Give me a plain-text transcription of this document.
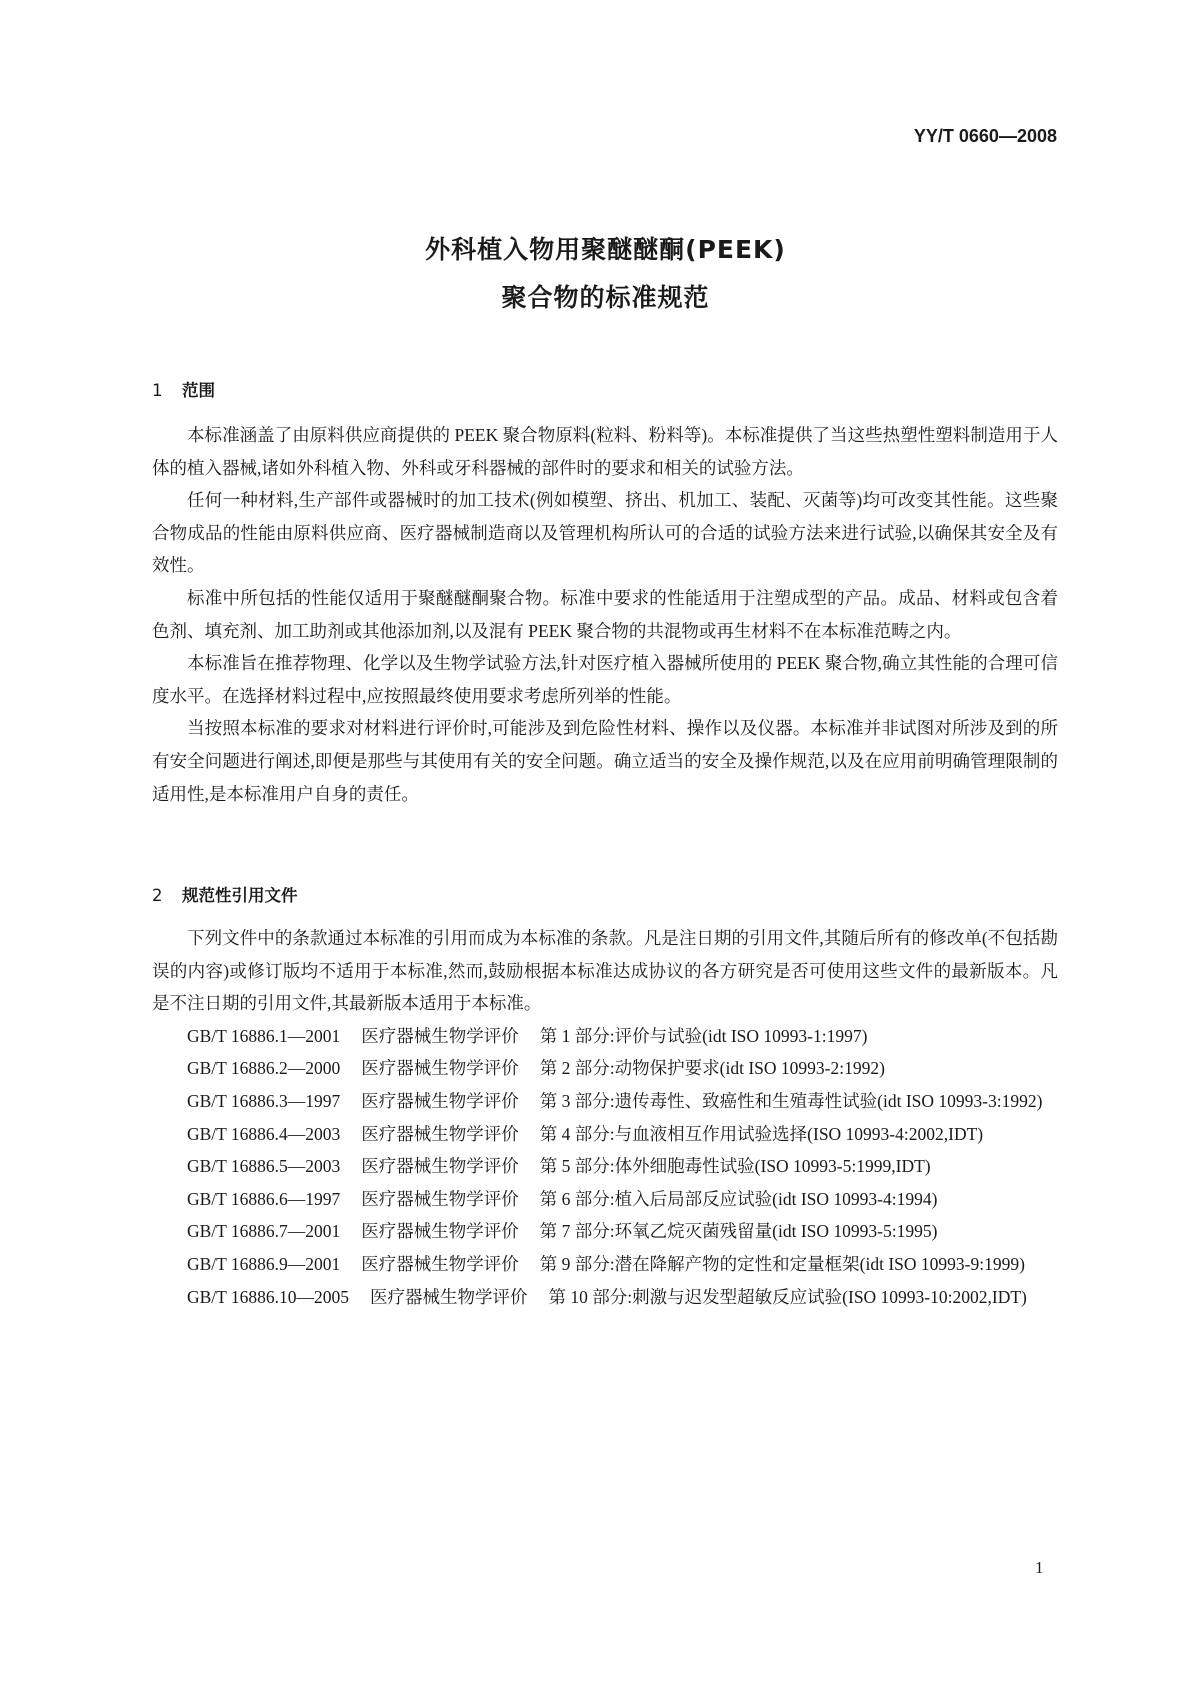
YY/T 0660—2008
外科植入物用聚醚醚酮(PEEK)
聚合物的标准规范
1 范围

本标准涵盖了由原料供应商提供的 PEEK 聚合物原料(粒料、粉料等)。本标准提供了当这些热塑性塑料制造用于人体的植入器械,诸如外科植入物、外科或牙科器械的部件时的要求和相关的试验方法。

任何一种材料,生产部件或器械时的加工技术(例如模塑、挤出、机加工、装配、灭菌等)均可改变其性能。这些聚合物成品的性能由原料供应商、医疗器械制造商以及管理机构所认可的合适的试验方法来进行试验,以确保其安全及有效性。

标准中所包括的性能仅适用于聚醚醚酮聚合物。标准中要求的性能适用于注塑成型的产品。成品、材料或包含着色剂、填充剂、加工助剂或其他添加剂,以及混有 PEEK 聚合物的共混物或再生材料不在本标准范畴之内。

本标准旨在推荐物理、化学以及生物学试验方法,针对医疗植入器械所使用的 PEEK 聚合物,确立其性能的合理可信度水平。在选择材料过程中,应按照最终使用要求考虑所列举的性能。

当按照本标准的要求对材料进行评价时,可能涉及到危险性材料、操作以及仪器。本标准并非试图对所涉及到的所有安全问题进行阐述,即便是那些与其使用有关的安全问题。确立适当的安全及操作规范,以及在应用前明确管理限制的适用性,是本标准用户自身的责任。

2 规范性引用文件

下列文件中的条款通过本标准的引用而成为本标准的条款。凡是注日期的引用文件,其随后所有的修改单(不包括勘误的内容)或修订版均不适用于本标准,然而,鼓励根据本标准达成协议的各方研究是否可使用这些文件的最新版本。凡是不注日期的引用文件,其最新版本适用于本标准。

GB/T 16886.1—2001 医疗器械生物学评价 第 1 部分:评价与试验(idt ISO 10993-1:1997)

GB/T 16886.2—2000 医疗器械生物学评价 第 2 部分:动物保护要求(idt ISO 10993-2:1992)

GB/T 16886.3—1997 医疗器械生物学评价 第 3 部分:遗传毒性、致癌性和生殖毒性试验(idt ISO 10993-3:1992)

GB/T 16886.4—2003 医疗器械生物学评价 第 4 部分:与血液相互作用试验选择(ISO 10993-4:2002,IDT)

GB/T 16886.5—2003 医疗器械生物学评价 第 5 部分:体外细胞毒性试验(ISO 10993-5:1999,IDT)

GB/T 16886.6—1997 医疗器械生物学评价 第 6 部分:植入后局部反应试验(idt ISO 10993-4:1994)

GB/T 16886.7—2001 医疗器械生物学评价 第 7 部分:环氧乙烷灭菌残留量(idt ISO 10993-5:1995)

GB/T 16886.9—2001 医疗器械生物学评价 第 9 部分:潜在降解产物的定性和定量框架(idt ISO 10993-9:1999)

GB/T 16886.10—2005 医疗器械生物学评价 第 10 部分:刺激与迟发型超敏反应试验(ISO 10993-10:2002,IDT)

1
